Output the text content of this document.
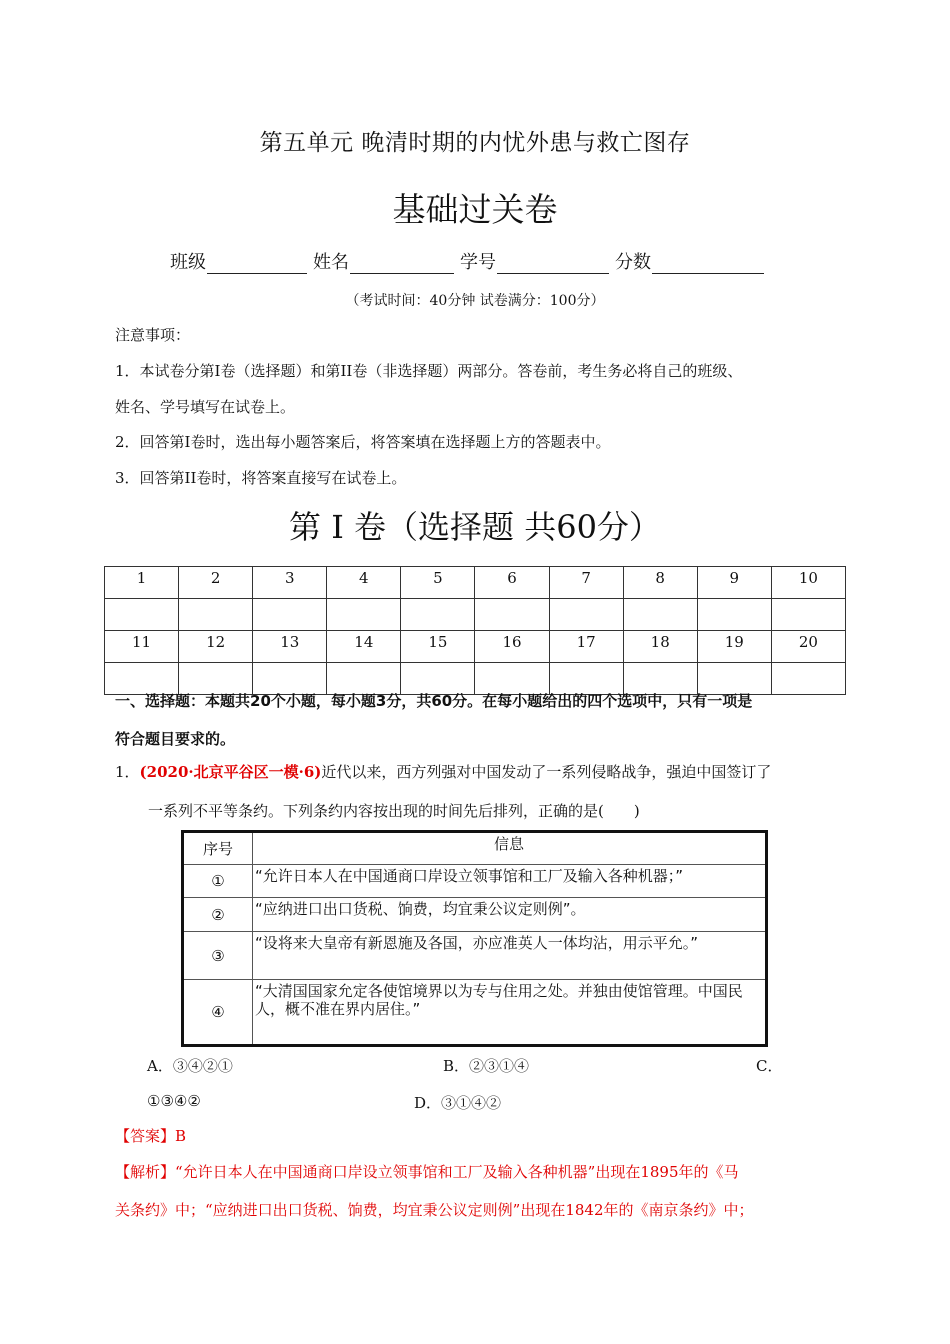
第五单元 晚清时期的内忧外患与救亡图存
基础过关卷
班级	姓名	学号	分数
（考试时间：40分钟 试卷满分：100分）
注意事项：
1．本试卷分第I卷（选择题）和第II卷（非选择题）两部分。答卷前，考生务必将自己的班级、
姓名、学号填写在试卷上。
2．回答第I卷时，选出每小题答案后，将答案填在选择题上方的答题表中。
3．回答第II卷时，将答案直接写在试卷上。
第 I 卷（选择题 共60分）
1	2	3	4	5	6	7	8	9	10

11	12	13	14	15	16	17	18	19	20

一、选择题：本题共20个小题，每小题3分，共60分。在每小题给出的四个选项中，只有一项是
符合题目要求的。
1．(2020·北京平谷区一模·6)近代以来，西方列强对中国发动了一系列侵略战争，强迫中国签订了
一系列不平等条约。下列条约内容按出现的时间先后排列，正确的是(　　)
序号	信息
①	“允许日本人在中国通商口岸设立领事馆和工厂及输入各种机器；”
②	“应纳进口出口货税、饷费，均宜秉公议定则例”。
③	“设将来大皇帝有新恩施及各国，亦应准英人一体均沾，用示平允。”
④	“大清国国家允定各使馆境界以为专与住用之处。并独由使馆管理。中国民人，概不准在界内居住。”
A．③④②①	B．②③①④	C．
①③④②	D．③①④②
【答案】B
【解析】“允许日本人在中国通商口岸设立领事馆和工厂及输入各种机器”出现在1895年的《马
关条约》中；“应纳进口出口货税、饷费，均宜秉公议定则例”出现在1842年的《南京条约》中；
